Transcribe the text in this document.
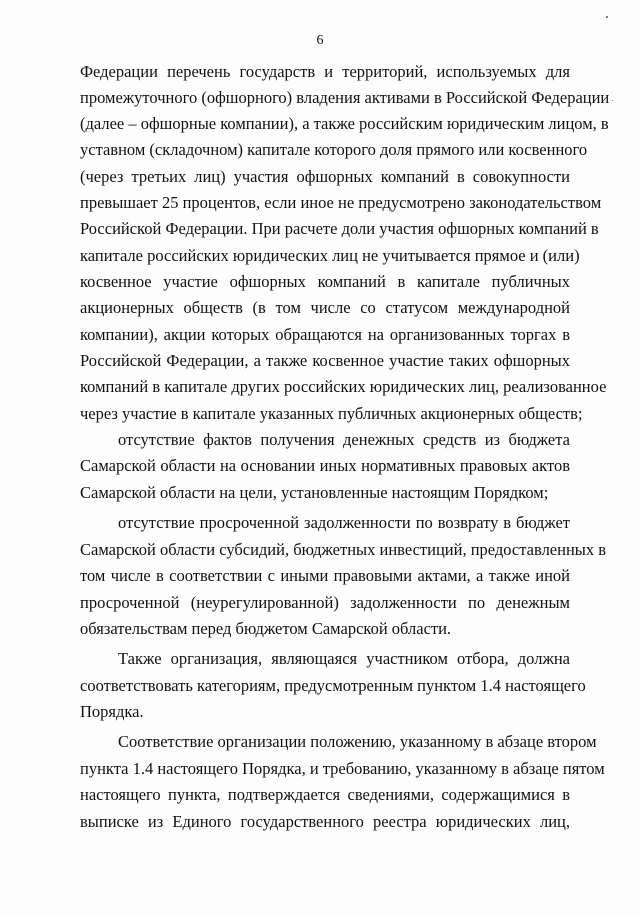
6
Федерации перечень государств и территорий, используемых для
промежуточного (офшорного) владения активами в Российской Федерации
(далее – офшорные компании), а также российским юридическим лицом, в
уставном (складочном) капитале которого доля прямого или косвенного
(через третьих лиц) участия офшорных компаний в совокупности
превышает 25 процентов, если иное не предусмотрено законодательством
Российской Федерации. При расчете доли участия офшорных компаний в
капитале российских юридических лиц не учитывается прямое и (или)
косвенное участие офшорных компаний в капитале публичных
акционерных обществ (в том числе со статусом международной
компании), акции которых обращаются на организованных торгах в
Российской Федерации, а также косвенное участие таких офшорных
компаний в капитале других российских юридических лиц, реализованное
через участие в капитале указанных публичных акционерных обществ;
отсутствие фактов получения денежных средств из бюджета
Самарской области на основании иных нормативных правовых актов
Самарской области на цели, установленные настоящим Порядком;
отсутствие просроченной задолженности по возврату в бюджет
Самарской области субсидий, бюджетных инвестиций, предоставленных в
том числе в соответствии с иными правовыми актами, а также иной
просроченной (неурегулированной) задолженности по денежным
обязательствам перед бюджетом Самарской области.
Также организация, являющаяся участником отбора, должна
соответствовать категориям, предусмотренным пунктом 1.4 настоящего
Порядка.
Соответствие организации положению, указанному в абзаце втором
пункта 1.4 настоящего Порядка, и требованию, указанному в абзаце пятом
настоящего пункта, подтверждается сведениями, содержащимися в
выписке из Единого государственного реестра юридических лиц,
